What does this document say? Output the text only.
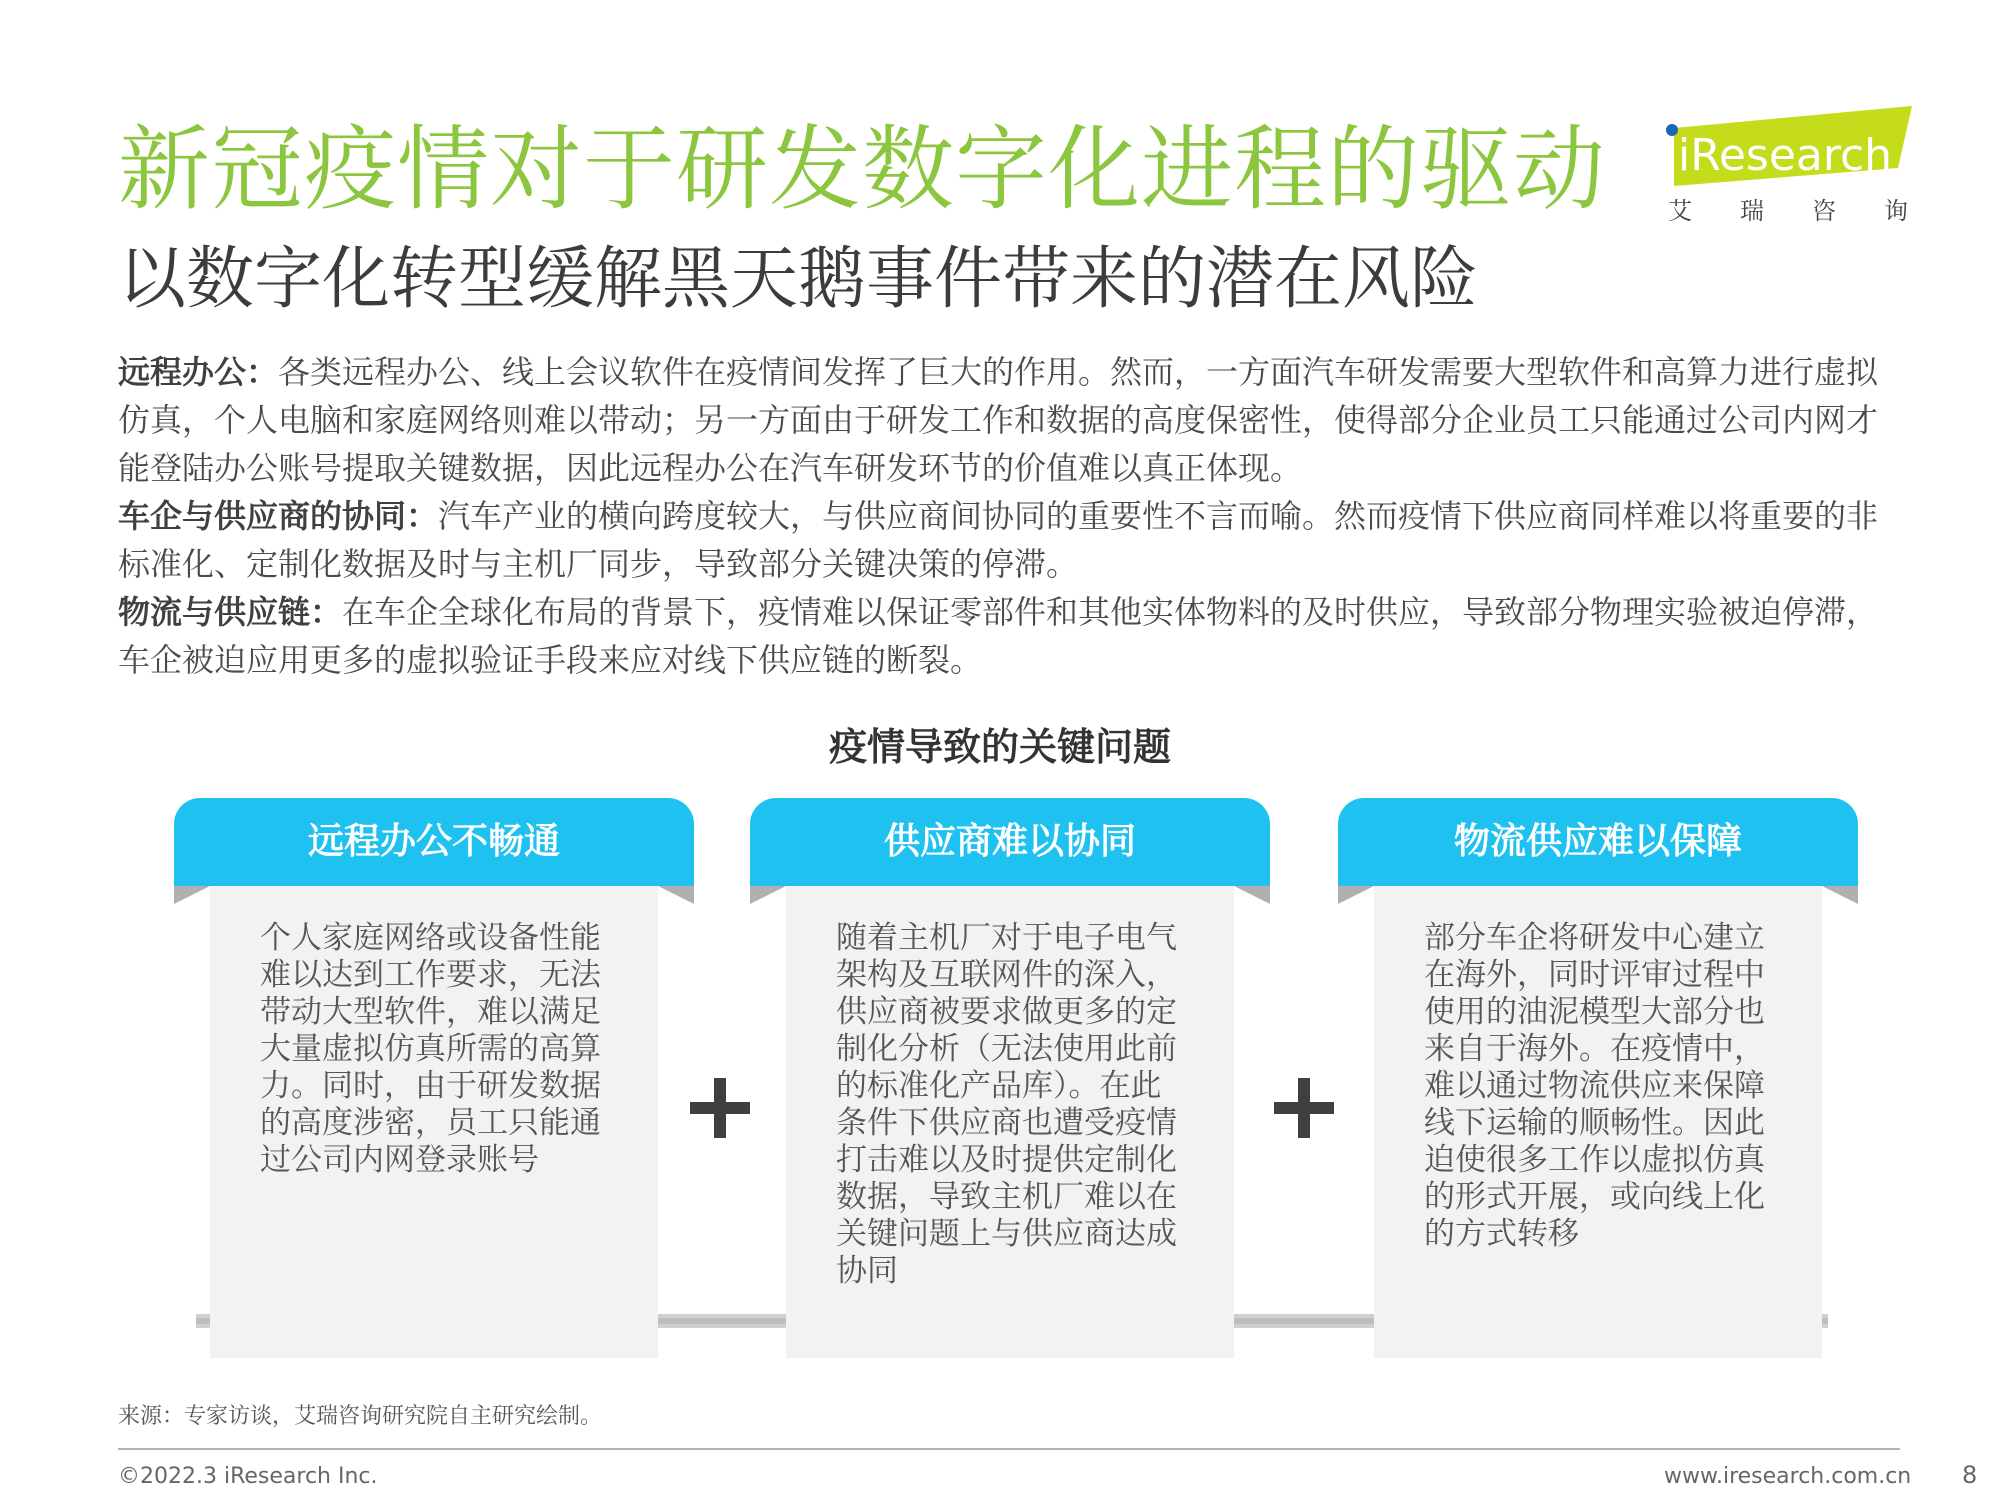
新冠疫情对于研发数字化进程的驱动
以数字化转型缓解黑天鹅事件带来的潜在风险
iResearch
艾 瑞 咨 询

远程办公：各类远程办公、线上会议软件在疫情间发挥了巨大的作用。然而，一方面汽车研发需要大型软件和高算力进行虚拟仿真，个人电脑和家庭网络则难以带动；另一方面由于研发工作和数据的高度保密性，使得部分企业员工只能通过公司内网才能登陆办公账号提取关键数据，因此远程办公在汽车研发环节的价值难以真正体现。

车企与供应商的协同：汽车产业的横向跨度较大，与供应商间协同的重要性不言而喻。然而疫情下供应商同样难以将重要的非标准化、定制化数据及时与主机厂同步，导致部分关键决策的停滞。

物流与供应链：在车企全球化布局的背景下，疫情难以保证零部件和其他实体物料的及时供应，导致部分物理实验被迫停滞，车企被迫应用更多的虚拟验证手段来应对线下供应链的断裂。

疫情导致的关键问题
远程办公不畅通
个人家庭网络或设备性能难以达到工作要求，无法带动大型软件，难以满足大量虚拟仿真所需的高算力。同时，由于研发数据的高度涉密，员工只能通过公司内网登录账号
供应商难以协同
随着主机厂对于电子电气架构及互联网件的深入，供应商被要求做更多的定制化分析（无法使用此前的标准化产品库）。在此条件下供应商也遭受疫情打击难以及时提供定制化数据，导致主机厂难以在关键问题上与供应商达成协同
物流供应难以保障
部分车企将研发中心建立在海外，同时评审过程中使用的油泥模型大部分也来自于海外。在疫情中，难以通过物流供应来保障线下运输的顺畅性。因此迫使很多工作以虚拟仿真的形式开展，或向线上化的方式转移
来源：专家访谈，艾瑞咨询研究院自主研究绘制。
©2022.3 iResearch Inc.	www.iresearch.com.cn 8
